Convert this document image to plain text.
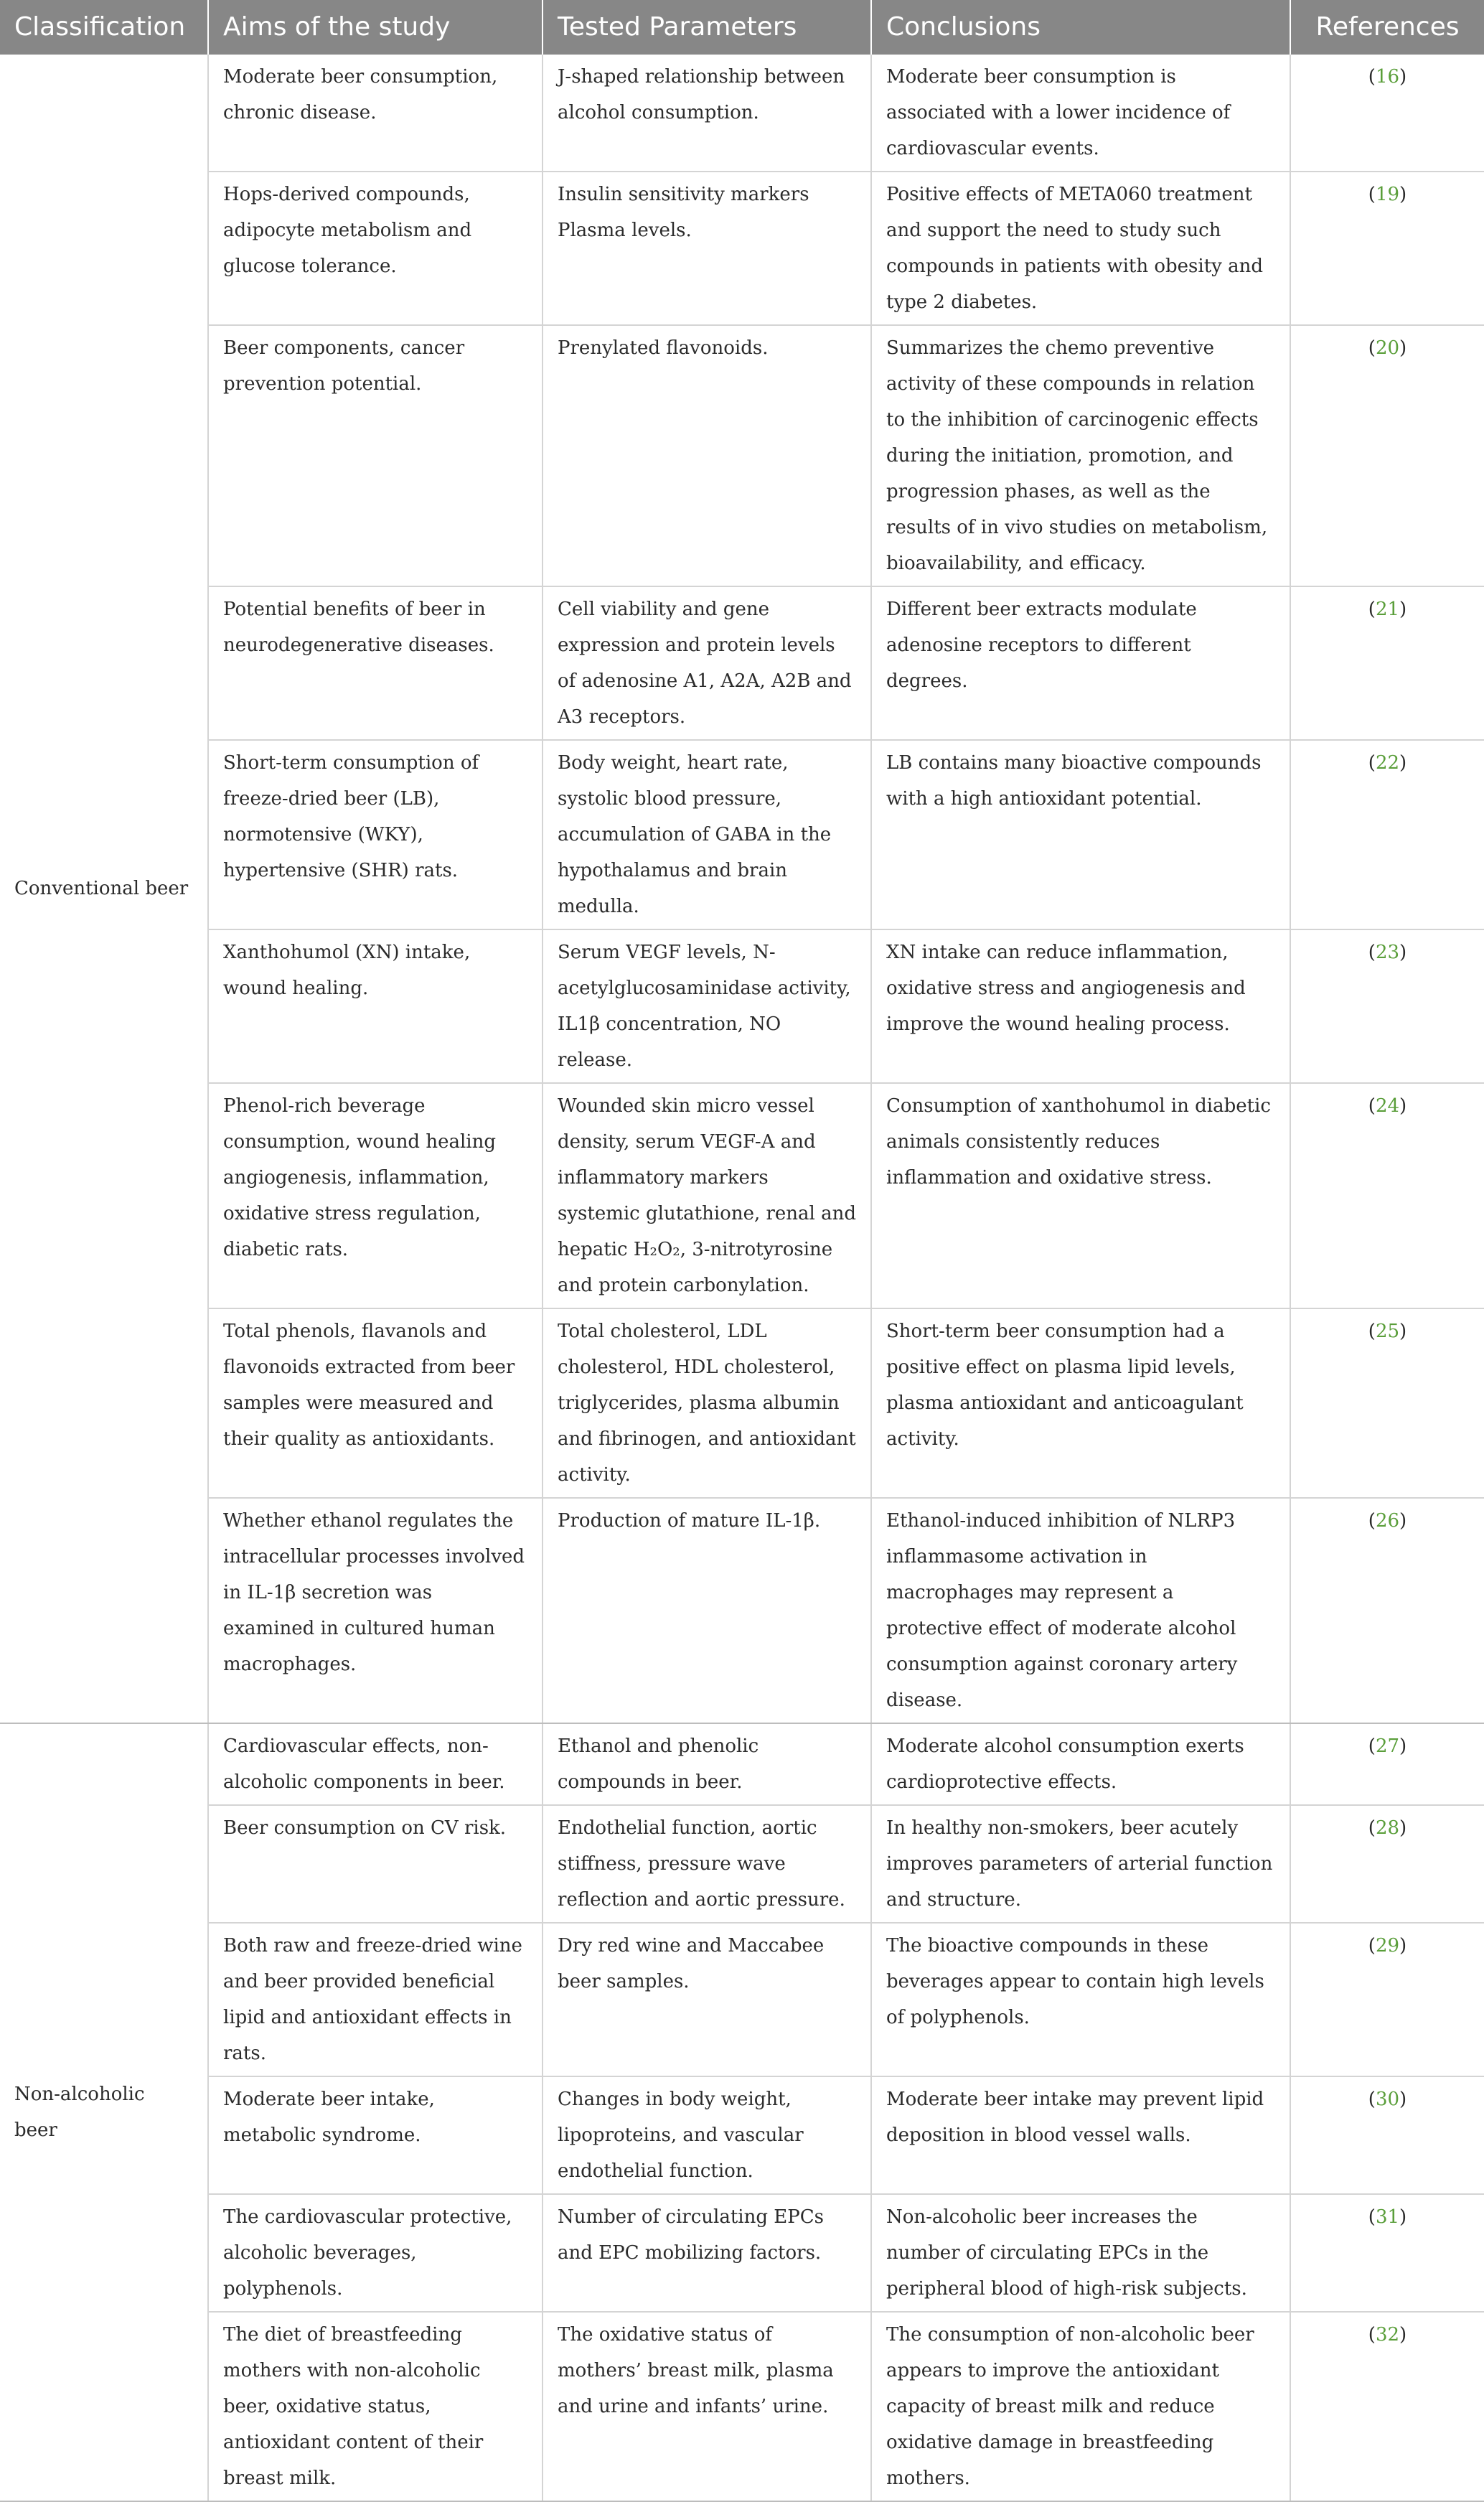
Classification	Aims of the study	Tested Parameters	Conclusions	References
Conventional beer	Moderate beer consumption, chronic disease.	J-shaped relationship between alcohol consumption.	Moderate beer consumption is associated with a lower incidence of cardiovascular events.	(16)
	Hops-derived compounds, adipocyte metabolism and glucose tolerance.	Insulin sensitivity markers Plasma levels.	Positive effects of META060 treatment and support the need to study such compounds in patients with obesity and type 2 diabetes.	(19)
	Beer components, cancer prevention potential.	Prenylated flavonoids.	Summarizes the chemo preventive activity of these compounds in relation to the inhibition of carcinogenic effects during the initiation, promotion, and progression phases, as well as the results of in vivo studies on metabolism, bioavailability, and efficacy.	(20)
	Potential benefits of beer in neurodegenerative diseases.	Cell viability and gene expression and protein levels of adenosine A1, A2A, A2B and A3 receptors.	Different beer extracts modulate adenosine receptors to different degrees.	(21)
	Short-term consumption of freeze-dried beer (LB), normotensive (WKY), hypertensive (SHR) rats.	Body weight, heart rate, systolic blood pressure, accumulation of GABA in the hypothalamus and brain medulla.	LB contains many bioactive compounds with a high antioxidant potential.	(22)
	Xanthohumol (XN) intake, wound healing.	Serum VEGF levels, N-acetylglucosaminidase activity, IL1β concentration, NO release.	XN intake can reduce inflammation, oxidative stress and angiogenesis and improve the wound healing process.	(23)
	Phenol-rich beverage consumption, wound healing angiogenesis, inflammation, oxidative stress regulation, diabetic rats.	Wounded skin micro vessel density, serum VEGF-A and inflammatory markers systemic glutathione, renal and hepatic H₂O₂, 3-nitrotyrosine and protein carbonylation.	Consumption of xanthohumol in diabetic animals consistently reduces inflammation and oxidative stress.	(24)
	Total phenols, flavanols and flavonoids extracted from beer samples were measured and their quality as antioxidants.	Total cholesterol, LDL cholesterol, HDL cholesterol, triglycerides, plasma albumin and fibrinogen, and antioxidant activity.	Short-term beer consumption had a positive effect on plasma lipid levels, plasma antioxidant and anticoagulant activity.	(25)
	Whether ethanol regulates the intracellular processes involved in IL-1β secretion was examined in cultured human macrophages.	Production of mature IL-1β.	Ethanol-induced inhibition of NLRP3 inflammasome activation in macrophages may represent a protective effect of moderate alcohol consumption against coronary artery disease.	(26)
Non-alcoholic beer	Cardiovascular effects, non-alcoholic components in beer.	Ethanol and phenolic compounds in beer.	Moderate alcohol consumption exerts cardioprotective effects.	(27)
	Beer consumption on CV risk.	Endothelial function, aortic stiffness, pressure wave reflection and aortic pressure.	In healthy non-smokers, beer acutely improves parameters of arterial function and structure.	(28)
	Both raw and freeze-dried wine and beer provided beneficial lipid and antioxidant effects in rats.	Dry red wine and Maccabee beer samples.	The bioactive compounds in these beverages appear to contain high levels of polyphenols.	(29)
	Moderate beer intake, metabolic syndrome.	Changes in body weight, lipoproteins, and vascular endothelial function.	Moderate beer intake may prevent lipid deposition in blood vessel walls.	(30)
	The cardiovascular protective, alcoholic beverages, polyphenols.	Number of circulating EPCs and EPC mobilizing factors.	Non-alcoholic beer increases the number of circulating EPCs in the peripheral blood of high-risk subjects.	(31)
	The diet of breastfeeding mothers with non-alcoholic beer, oxidative status, antioxidant content of their breast milk.	The oxidative status of mothers’ breast milk, plasma and urine and infants’ urine.	The consumption of non-alcoholic beer appears to improve the antioxidant capacity of breast milk and reduce oxidative damage in breastfeeding mothers.	(32)
